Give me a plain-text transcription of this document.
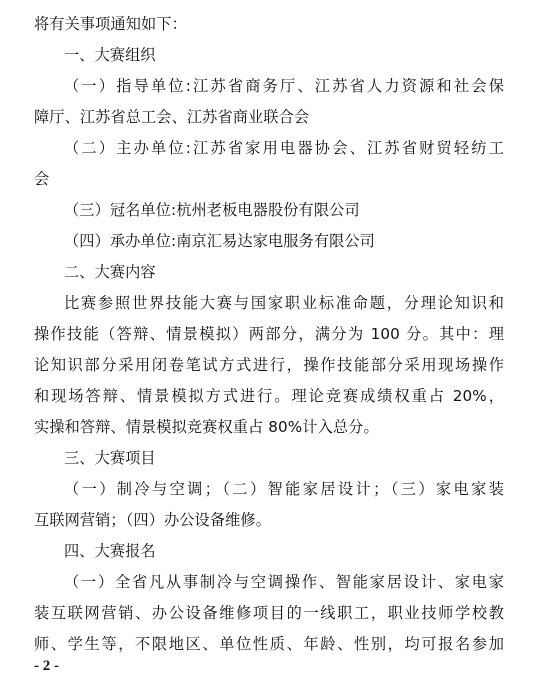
将有关事项通知如下：
一、大赛组织
（一）指导单位:江苏省商务厅、江苏省人力资源和社会保
障厅、江苏省总工会、江苏省商业联合会
（二）主办单位:江苏省家用电器协会、江苏省财贸轻纺工
会
（三）冠名单位:杭州老板电器股份有限公司
（四）承办单位:南京汇易达家电服务有限公司
二、大赛内容
比赛参照世界技能大赛与国家职业标准命题，分理论知识和
操作技能（答辩、情景模拟）两部分，满分为 100 分。其中：理
论知识部分采用闭卷笔试方式进行，操作技能部分采用现场操作
和现场答辩、情景模拟方式进行。理论竞赛成绩权重占 20%，
实操和答辩、情景模拟竞赛权重占 80%计入总分。
三、大赛项目
（一）制冷与空调；（二）智能家居设计；（三）家电家装
互联网营销；（四）办公设备维修。
四、大赛报名
（一）全省凡从事制冷与空调操作、智能家居设计、家电家
装互联网营销、办公设备维修项目的一线职工，职业技师学校教
师、学生等，不限地区、单位性质、年龄、性别，均可报名参加
- 2 -
